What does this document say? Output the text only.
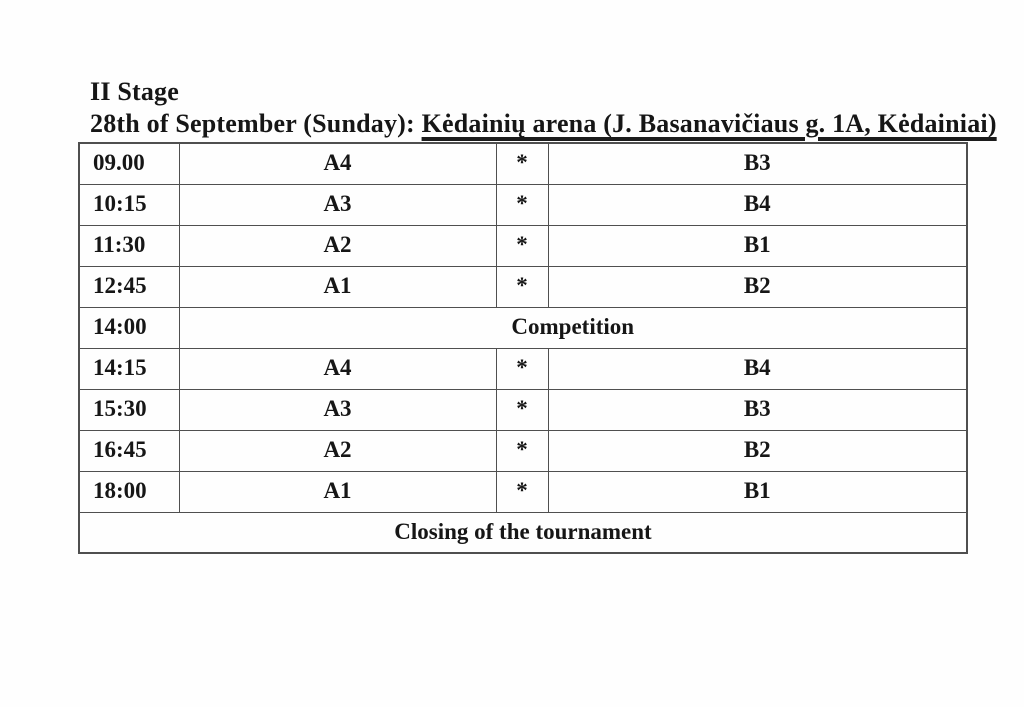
II Stage
28th of September (Sunday): Kėdainių arena (J. Basanavičiaus g. 1A, Kėdainiai)
09.00	A4	*	B3
10:15	A3	*	B4
11:30	A2	*	B1
12:45	A1	*	B2
14:00	Competition		
14:15	A4	*	B4
15:30	A3	*	B3
16:45	A2	*	B2
18:00	A1	*	B1
Closing of the tournament			
